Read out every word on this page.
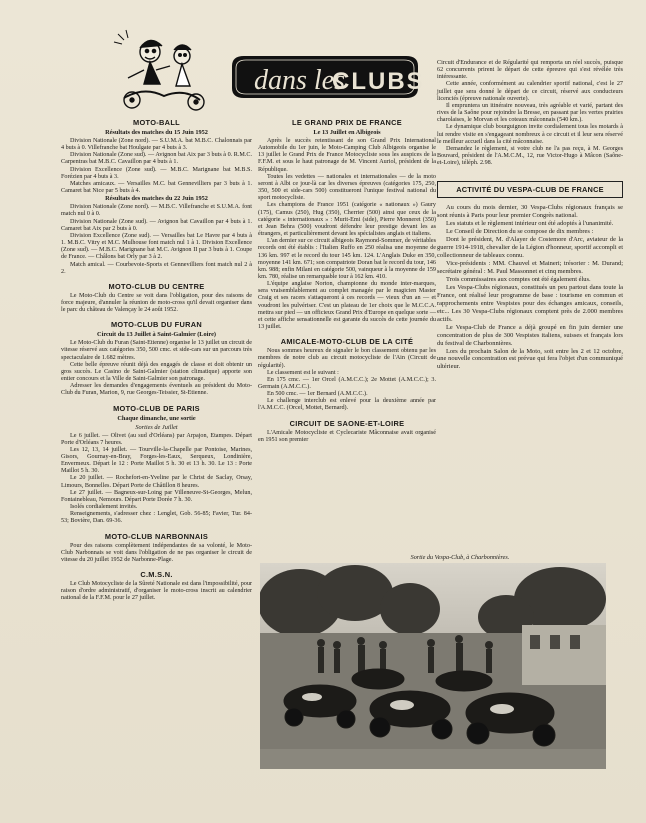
dans les
CLUBS
MOTO-BALL
Résultats des matches du 15 Juin 1952

Division Nationale (Zone nord). — S.U.M.A. bat M.B.C. Chalonnais par 4 buts à 0. Villefranche bat Houlgate par 4 buts à 3.

Division Nationale (Zone sud). — Avignon bat Aix par 3 buts à 0. R.M.C. Carpentras bat M.B.C. Cavaillon par 4 buts à 1.

Division Excellence (Zone sud). — M.B.C. Marignane bat M.B.S. Forézien par 4 buts à 3.

Matches amicaux. — Versailles M.C. bat Gennevilliers par 3 buts à 1. Camaret bat Nice par 5 buts à 4.

Résultats des matches du 22 Juin 1952

Division Nationale (Zone nord). — M.B.C. Villefranche et S.U.M.A. font match nul 0 à 0.

Division Nationale (Zone sud). — Avignon bat Cavaillon par 4 buts à 1. Camaret bat Aix par 2 buts à 0.

Division Excellence (Zone sud). — Versailles bat Le Havre par 4 buts à 1. M.B.C. Vitry et M.C. Mulhouse font match nul 1 à 1. Division Excellence (Zone sud). — M.B.C. Marignane bat M.C. Avignon II par 3 buts à 1. Coupe de France. — Châlons bat Orly par 3 à 2.

Match amical. — Courbevoie-Sports et Gennevilliers font match nul 2 à 2.

MOTO-CLUB DU CENTRE

Le Moto-Club du Centre se voit dans l'obligation, pour des raisons de force majeure, d'annuler la réunion de moto-cross qu'il devait organiser dans le parc du château de Valençay le 24 août 1952.

MOTO-CLUB DU FURAN
Circuit du 13 Juillet à Saint-Galmier (Loire)

Le Moto-Club du Furan (Saint-Etienne) organise le 13 juillet un circuit de vitesse réservé aux catégories 350, 500 cmc. et side-cars sur un parcours très spectaculaire de 1.682 mètres.

Cette belle épreuve réunit déjà des engagés de classe et doit obtenir un gros succès. Le Casino de Saint-Galmier (station climatique) apporte son entier concours et la Ville de Saint-Galmier son patronage.

Adresser les demandes d'engagements éventuels au président du Moto-Club du Furan, Marion, 9, rue Georges-Teissier, St-Etienne.

MOTO-CLUB DE PARIS
Chaque dimanche, une sortie
Sorties de Juillet

Le 6 juillet. — Olivet (au sud d'Orléans) par Arpajon, Etampes. Départ Porte d'Orléans 7 heures.

Les 12, 13, 14 juillet. — Tourville-la-Chapelle par Pontoise, Marines, Gisors, Gournay-en-Bray, Forges-les-Eaux, Serqueux, Londinière, Envermeux. Départ le 12 : Porte Maillot 5 h. 30 et 13 h. 30. Le 13 : Porte Maillot 5 h. 30.

Le 20 juillet. — Rochefort-en-Yveline par le Christ de Saclay, Orsay, Limours, Bonnelles. Départ Porte de Châtillon 8 heures.

Le 27 juillet. — Bagneux-sur-Loing par Villeneuve-St-Georges, Melun, Fontainebleau, Nemours. Départ Porte Dorée 7 h. 30.

Isolés cordialement invités.

Renseignements, s'adresser chez : Lenglet, Gob. 56-85; Favier, Tur. 84-53; Bovière, Dan. 69-36.

MOTO-CLUB NARBONNAIS

Pour des raisons complètement indépendantes de sa volonté, le Moto-Club Narbonnais se voit dans l'obligation de ne pas organiser le circuit de vitesse du 20 juillet 1952 de Narbonne-Plage.

C.M.S.N.

Le Club Motocycliste de la Sûreté Nationale est dans l'impossibilité, pour raison d'ordre administratif, d'organiser le moto-cross inscrit au calendrier national de la F.F.M. pour le 27 juillet.

LE GRAND PRIX DE FRANCE
Le 13 Juillet en Albigeois

Après le succès retentissant de son Grand Prix International Automobile du 1er juin, le Moto-Camping Club Albigeois organise le 13 juillet le Grand Prix de France Motocycliste sous les auspices de la F.F.M. et sous le haut patronage de M. Vincent Auriol, président de la République.

Toutes les vedettes — nationales et internationales — de la moto seront à Albi ce jour-là car les diverses épreuves (catégories 175, 250, 350, 500 et side-cars 500) constitueront l'unique festival national du sport motocycliste.

Les champions de France 1951 (catégorie « nationaux ») Gaury (175), Camus (250), Hug (350), Cherrier (500) ainsi que ceux de la catégorie « internationaux » : Murit-Emi (side), Pierre Monneret (350) et Jean Behra (500) voudront défendre leur prestige devant les as étrangers, et particulièrement devant les spécialistes anglais et italiens.

L'an dernier sur ce circuit albigeois Raymond-Sommer, de véritables records ont été établis : l'Italien Ruffo en 250 réalisa une moyenne de 136 km. 997 et le record du tour 145 km. 124. L'Anglais Duke en 350, moyenne 141 km. 671; son compatriote Doran bat le record du tour, 146 km. 988; enfin Milani en catégorie 500, vainqueur à la moyenne de 159 km. 780, réalise un remarquable tour à 162 km. 410.

L'équipe anglaise Norton, championne du monde inter-marques, sera vraisemblablement au complet managée par le magicien Master Craig et ses racers s'attaqueront à ces records — vieux d'un an — et voudront les pulvériser. C'est un plateau de 1er choix que le M.C.C.A. mettra sur pied — un officieux Grand Prix d'Europe en quelque sorte — et cette affiche sensationnelle est garante du succès de cette journée du 13 juillet.

AMICALE-MOTO-CLUB DE LA CITÉ

Nous sommes heureux de signaler le bon classement obtenu par les membres de notre club au circuit motocycliste de l'Ain (Circuit de régularité).

Le classement est le suivant :

En 175 cmc. — 1er Orcel (A.M.C.C.); 2e Mottet (A.M.C.C.); 3. Germain (A.M.C.C.).

En 500 cmc. — 1er Bernard (A.M.C.C.).

Le challenge interclub est enlevé pour la deuxième année par l'A.M.C.C. (Orcel, Mottet, Bernard).

CIRCUIT DE SAONE-ET-LOIRE

L'Amicale Motocycliste et Cyclecariste Mâconnaise avait organisé en 1951 son premier

Circuit d'Endurance et de Régularité qui remporta un réel succès, puisque 62 concurrents prirent le départ de cette épreuve qui s'est révélée très intéressante.

Cette année, conformément au calendrier sportif national, c'est le 27 juillet que sera donné le départ de ce circuit, réservé aux conducteurs licenciés (épreuve nationale ouverte).

Il empruntera un itinéraire nouveau, très agréable et varié, partant des rives de la Saône pour rejoindre la Bresse, en passant par les vertes prairies charolaises, le Morvan et les coteaux mâconnais (540 km.).

Le dynamique club bourguignon invite cordialement tous les motards à lui rendre visite en s'engageant nombreux à ce circuit et il leur sera réservé le meilleur accueil dans la cité mâconnaise.

Demandez le règlement, si votre club ne l'a pas reçu, à M. Georges Bouvard, président de l'A.M.C.M., 12, rue Victor-Hugo à Mâcon (Saône-et-Loire), téléph. 2.98.

ACTIVITÉ DU VESPA-CLUB DE FRANCE

Au cours du mois dernier, 30 Vespa-Clubs régionaux français se sont réunis à Paris pour leur premier Congrès national.

Les statuts et le règlement intérieur ont été adoptés à l'unanimité.

Le Conseil de Direction du se compose de dix membres :

Dont le président, M. d'Alayer de Costemore d'Arc, aviateur de la guerre 1914-1918, chevalier de la Légion d'honneur, sportif accompli et collectionneur de tableaux connu.

Vice-présidents : MM. Chauvel et Maineri; trésorier : M. Durand; secrétaire général : M. Paul Massonnet et cinq membres.

Trois commissaires aux comptes ont été également élus.

Les Vespa-Clubs régionaux, constitués un peu partout dans toute la France, ont réalisé leur programme de base : tourisme en commun et rapprochements entre Vespistes pour des échanges amicaux, conseils, etc... Les 30 Vespa-Clubs régionaux comptent près de 2.000 membres actifs.

Le Vespa-Club de France a déjà groupé en fin juin dernier une concentration de plus de 300 Vespistes italiens, suisses et français lors du festival de Charbonnières.

Lors du prochain Salon de la Moto, soit entre les 2 et 12 octobre, une nouvelle concentration est prévue qui fera l'objet d'un communiqué ultérieur.

Sortie du Vespa-Club, à Charbonnières.
